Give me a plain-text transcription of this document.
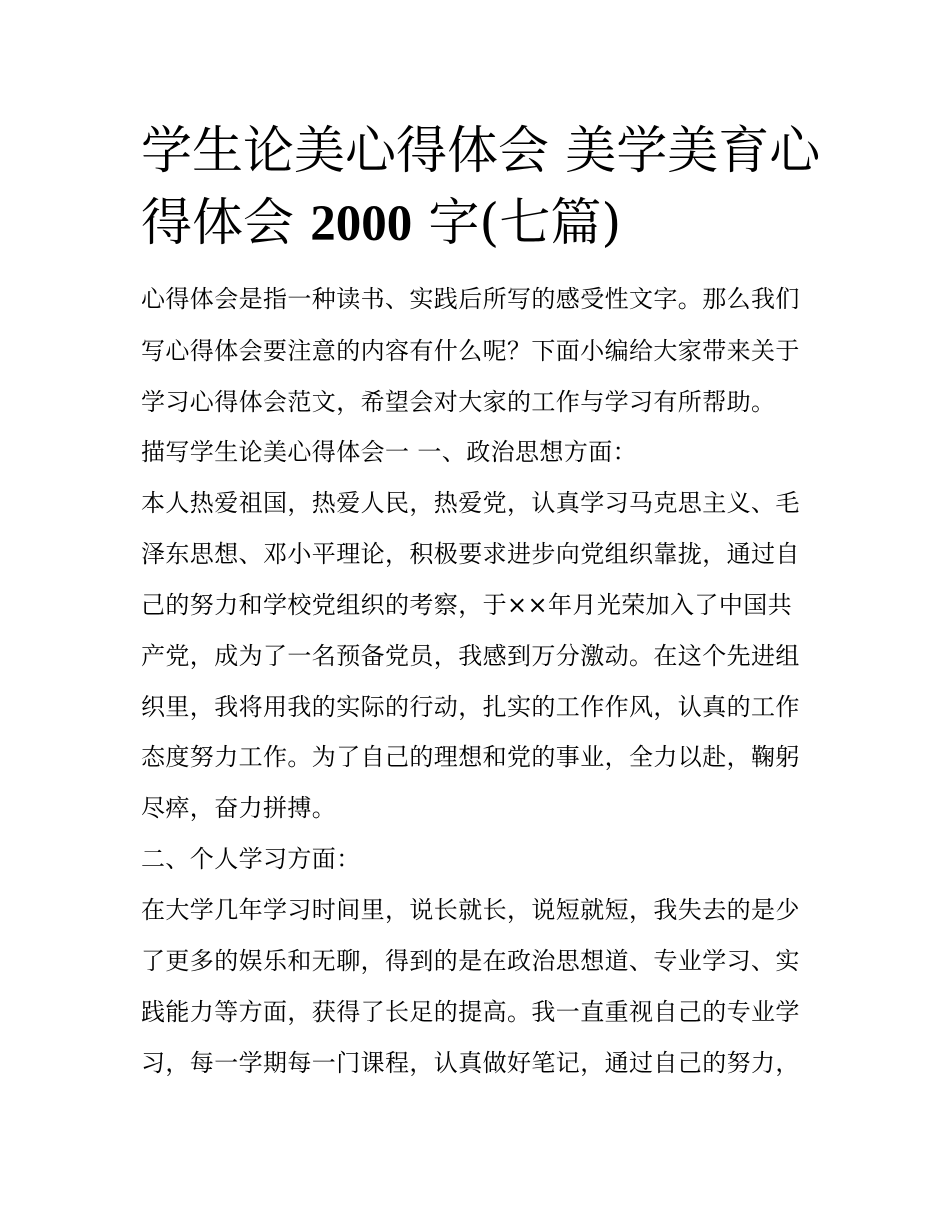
学生论美心得体会 美学美育心
得体会 2000 字(七篇)
心得体会是指一种读书、实践后所写的感受性文字。那么我们
写心得体会要注意的内容有什么呢？下面小编给大家带来关于
学习心得体会范文，希望会对大家的工作与学习有所帮助。
描写学生论美心得体会一 一、政治思想方面：
本人热爱祖国，热爱人民，热爱党，认真学习马克思主义、毛
泽东思想、邓小平理论，积极要求进步向党组织靠拢，通过自
己的努力和学校党组织的考察，于××年月光荣加入了中国共
产党，成为了一名预备党员，我感到万分激动。在这个先进组
织里，我将用我的实际的行动，扎实的工作作风，认真的工作
态度努力工作。为了自己的理想和党的事业，全力以赴，鞠躬
尽瘁，奋力拼搏。
二、个人学习方面：
在大学几年学习时间里，说长就长，说短就短，我失去的是少
了更多的娱乐和无聊，得到的是在政治思想道、专业学习、实
践能力等方面，获得了长足的提高。我一直重视自己的专业学
习，每一学期每一门课程，认真做好笔记，通过自己的努力，
